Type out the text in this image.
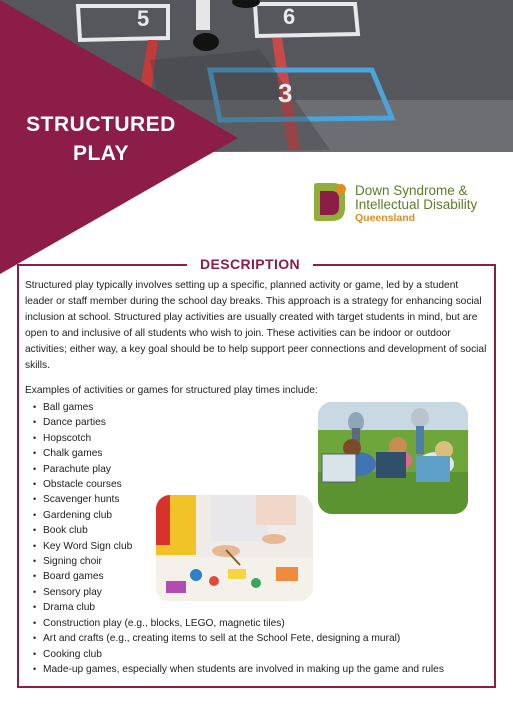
5	6
3
STRUCTURED
PLAY
Down Syndrome &
Intellectual Disability
Queensland
DESCRIPTION

Structured play typically involves setting up a specific, planned activity or game, led by a student leader or staff member during the school day breaks. This approach is a strategy for enhancing social inclusion at school. Structured play activities are usually created with target students in mind, but are open to and inclusive of all students who wish to join. These activities can be indoor or outdoor activities; either way, a key goal should be to help support peer connections and development of social skills.

Examples of activities or games for structured play times include:

• Ball games
• Dance parties
• Hopscotch
• Chalk games
• Parachute play
• Obstacle courses
• Scavenger hunts
• Gardening club
• Book club
• Key Word Sign club
• Signing choir
• Board games
• Sensory play
• Drama club
• Construction play (e.g., blocks, LEGO, magnetic tiles)
• Art and crafts (e.g., creating items to sell at the School Fete, designing a mural)
• Cooking club
• Made-up games, especially when students are involved in making up the game and rules
